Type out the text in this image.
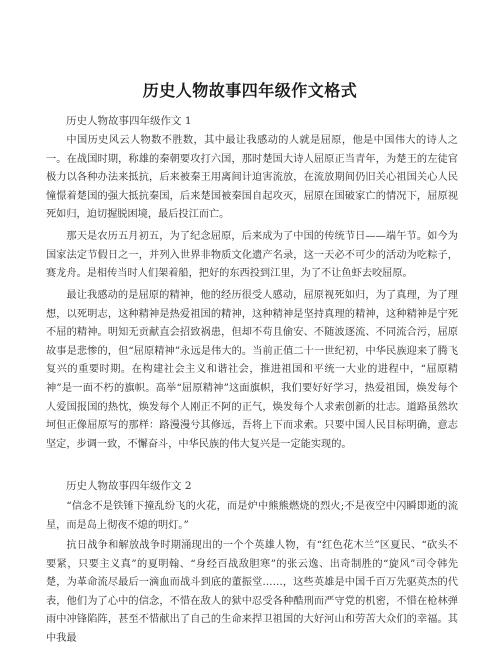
历史人物故事四年级作文格式
历史人物故事四年级作文 1

中国历史风云人物数不胜数，其中最让我感动的人就是屈原，他是中国伟大的诗人之一。在战国时期，称雄的秦朝要攻打六国，那时楚国大诗人屈原正当青年，为楚王的左徒官极力以各种办法来抵抗，后来被秦王用离间计迫害流放，在流放期间仍旧关心祖国关心人民憧憬着楚国的强大抵抗秦国，后来楚国被秦国自起攻灭，屈原在国破家亡的情况下，屈原视死如归，迫切握脱困境，最后投江而亡。

那天是农历五月初五，为了纪念屈原，后来成为了中国的传统节日——端午节。如今为国家法定节假日之一，并列入世界非物质文化遗产名录，这一天必不可少的活动为吃粽子，赛龙舟。是相传当时人们架着船，把好的东西投到江里，为了不让鱼虾去咬屈原。

最让我感动的是屈原的精神，他的经历很受人感动，屈原视死如归，为了真理，为了理想，以死明志，这种精神是热爱祖国的精神，这种精神是坚持真理的精神，这种精神是宁死不屈的精神。明知无贡献直会招致祸患，但却不苟且偷安、不随波逐流、不同流合污，屈原故事是悲惨的，但“屈原精神”永远是伟大的。当前正值二十一世纪初，中华民族迎来了腾飞复兴的重要时期。在构建社会主义和谐社会，推进祖国和平统一大业的进程中，“屈原精神”是一面不朽的旗帜。高举“屈原精神”这面旗帜，我们要好好学习，热爱祖国，焕发每个人爱国报国的热忱，焕发每个人刚正不阿的正气，焕发每个人求索创新的壮志。道路虽然坎坷但正像屈原写的那样：路漫漫兮其修远，吾将上下而求索。只要中国人民目标明确，意志坚定，步调一致，不懈奋斗，中华民族的伟大复兴是一定能实现的。

历史人物故事四年级作文 2

“信念不是铁锤下撞乱纷飞的火花，而是炉中熊熊燃烧的烈火;不是夜空中闪瞬即逝的流星，而是岛上彻夜不熄的明灯。”

抗日战争和解放战争时期涌现出的一个个英雄人物，有“红色花木兰”区夏民、“砍头不要紧，只要主义真”的夏明翰、“身经百战敌胆寒”的张云逸、出奇制胜的“旋风”司令韩先楚，为革命流尽最后一滴血而战斗到底的董振堂……，这些英雄是中国千百万先驱英杰的代表，他们为了心中的信念，不惜在敌人的狱中忍受各种酷刑而严守党的机密，不惜在枪林弹雨中冲锋陷阵，甚至不惜献出了自己的生命来捍卫祖国的大好河山和劳苦大众们的幸福。其中我最
